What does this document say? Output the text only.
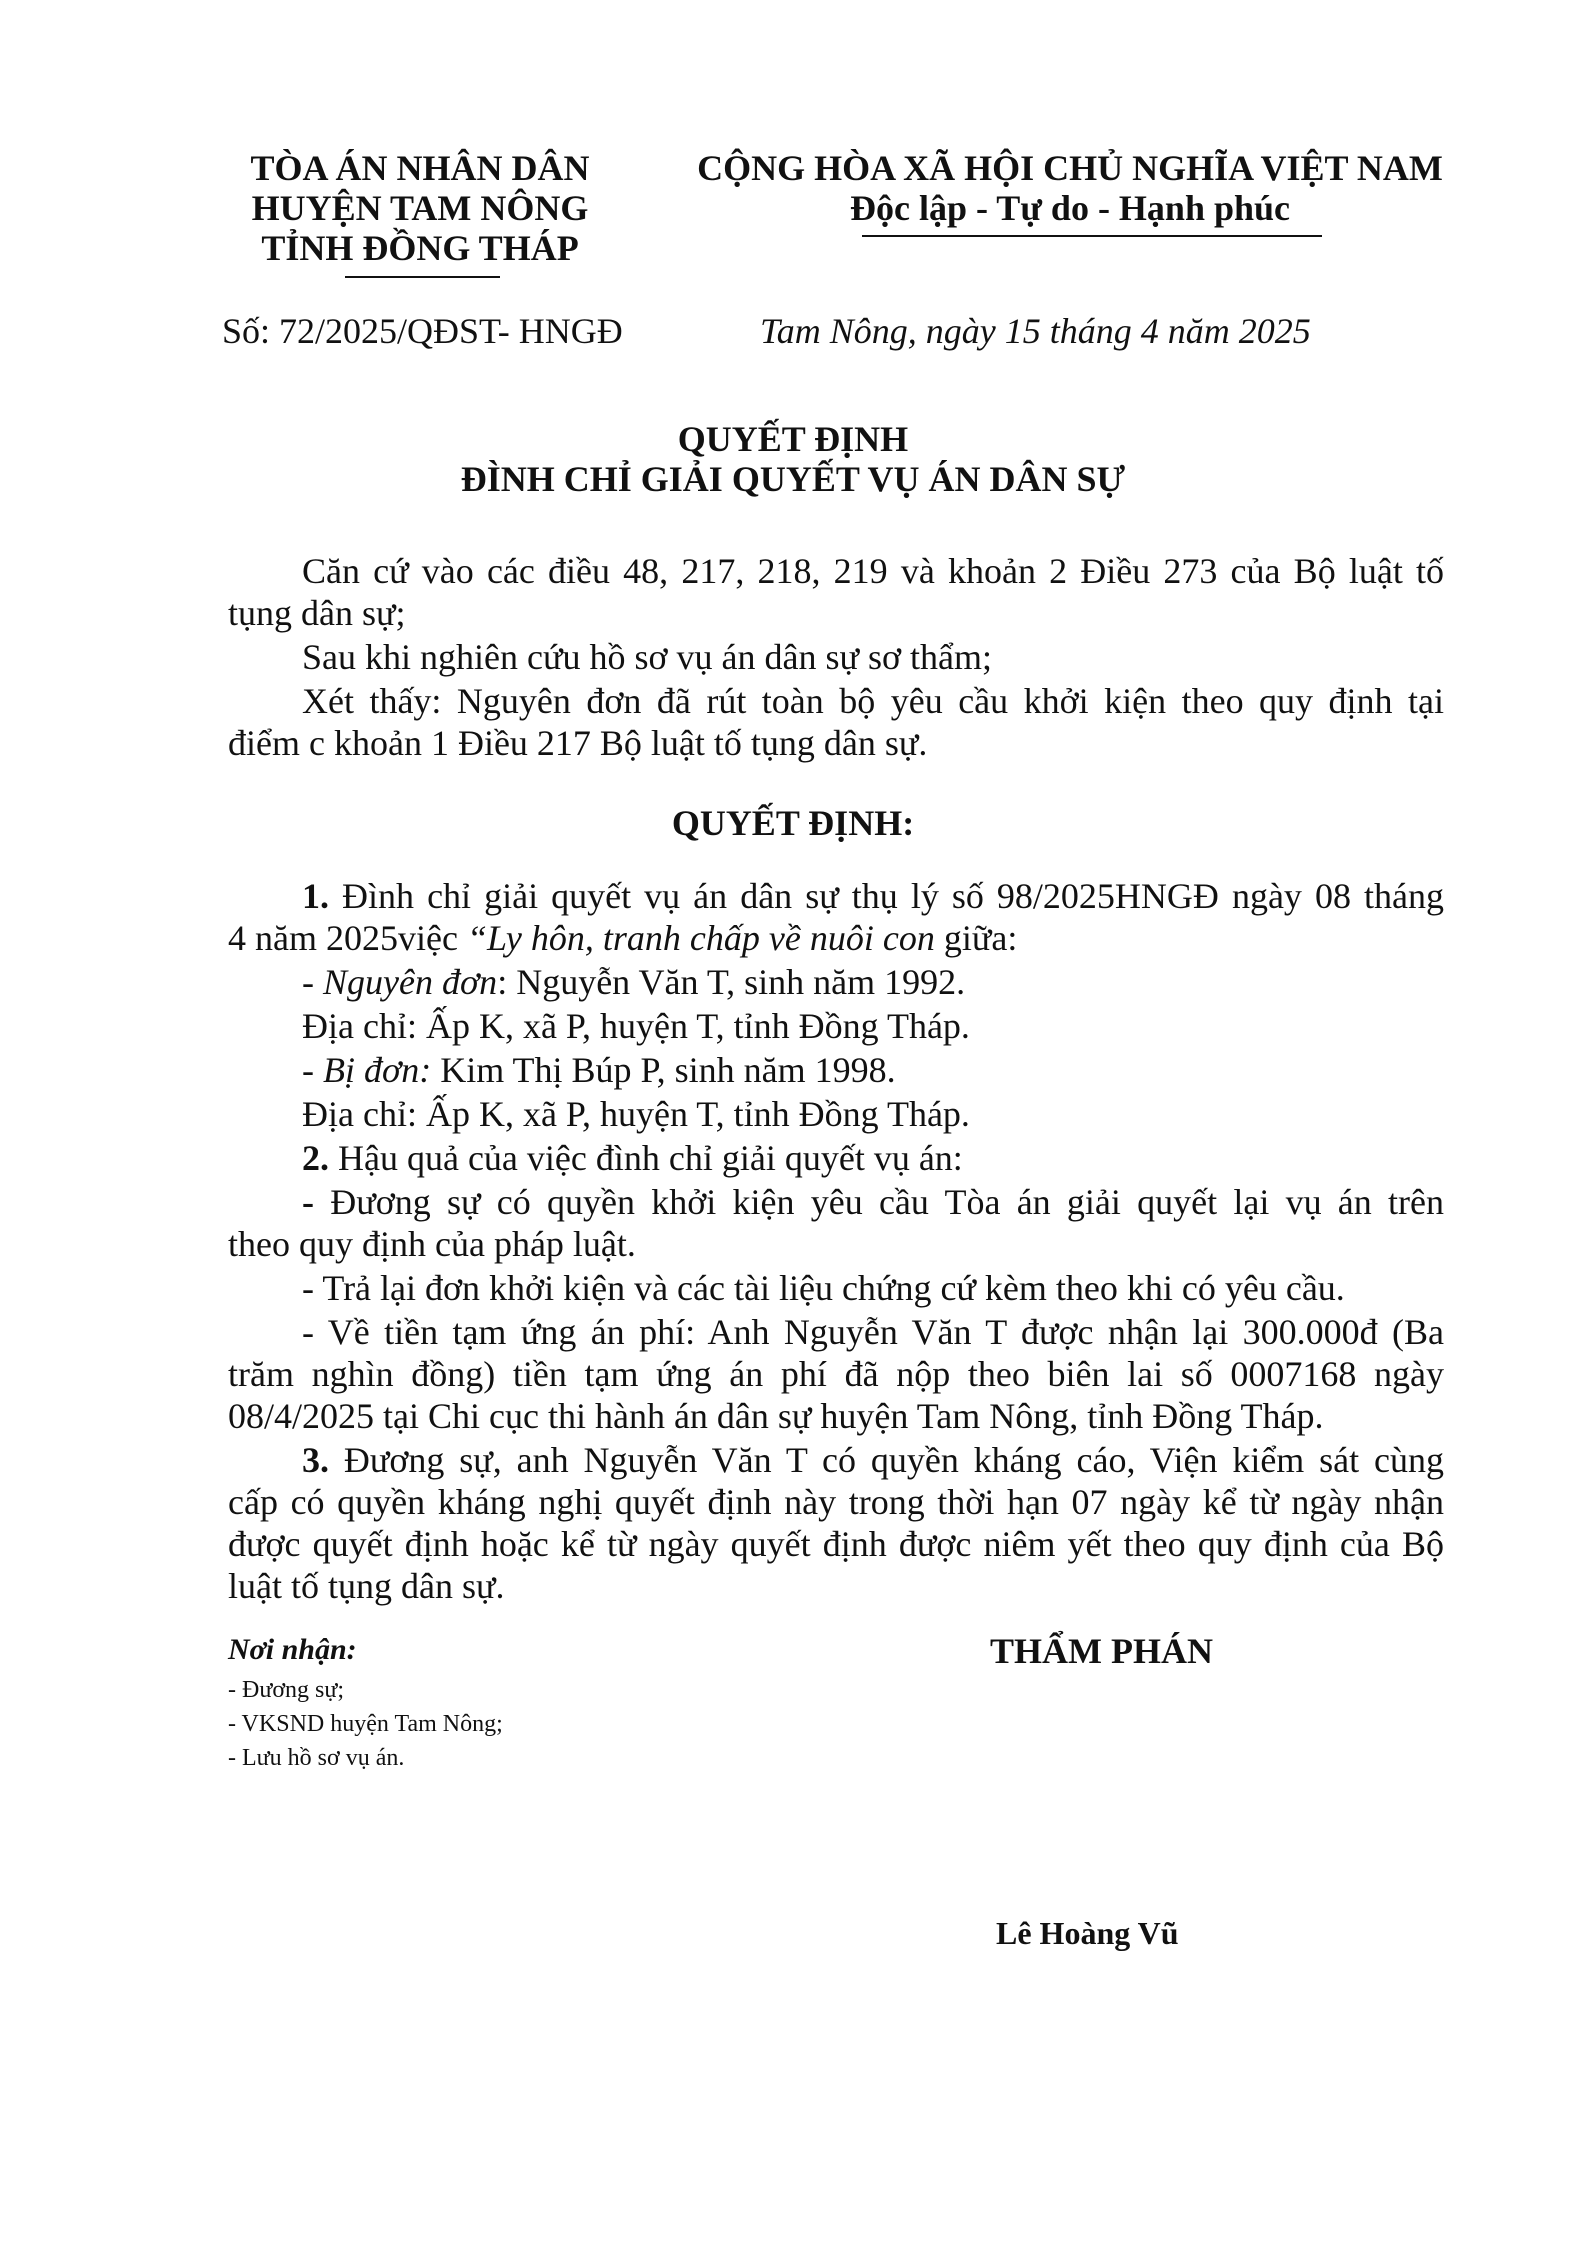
TÒA ÁN NHÂN DÂN
HUYỆN TAM NÔNG
TỈNH ĐỒNG THÁP
CỘNG HÒA XÃ HỘI CHỦ NGHĨA VIỆT NAM
Độc lập - Tự do - Hạnh phúc
Số: 72/2025/QĐST- HNGĐ	Tam Nông, ngày 15 tháng 4 năm 2025
QUYẾT ĐỊNH
ĐÌNH CHỈ GIẢI QUYẾT VỤ ÁN DÂN SỰ
Căn cứ vào các điều 48, 217, 218, 219 và khoản 2 Điều 273 của Bộ luật tố
tụng dân sự;
Sau khi nghiên cứu hồ sơ vụ án dân sự sơ thẩm;
Xét thấy: Nguyên đơn đã rút toàn bộ yêu cầu khởi kiện theo quy định tại
điểm c khoản 1 Điều 217 Bộ luật tố tụng dân sự.
QUYẾT ĐỊNH:
1. Đình chỉ giải quyết vụ án dân sự thụ lý số 98/2025HNGĐ ngày 08 tháng
4 năm 2025việc “Ly hôn, tranh chấp về nuôi con giữa:
- Nguyên đơn: Nguyễn Văn T, sinh năm 1992.
Địa chỉ: Ấp K, xã P, huyện T, tỉnh Đồng Tháp.
- Bị đơn: Kim Thị Búp P, sinh năm 1998.
Địa chỉ: Ấp K, xã P, huyện T, tỉnh Đồng Tháp.
2. Hậu quả của việc đình chỉ giải quyết vụ án:
- Đương sự có quyền khởi kiện yêu cầu Tòa án giải quyết lại vụ án trên
theo quy định của pháp luật.
- Trả lại đơn khởi kiện và các tài liệu chứng cứ kèm theo khi có yêu cầu.
- Về tiền tạm ứng án phí: Anh Nguyễn Văn T được nhận lại 300.000đ (Ba
trăm nghìn đồng) tiền tạm ứng án phí đã nộp theo biên lai số 0007168 ngày
08/4/2025 tại Chi cục thi hành án dân sự huyện Tam Nông, tỉnh Đồng Tháp.
3. Đương sự, anh Nguyễn Văn T có quyền kháng cáo, Viện kiểm sát cùng
cấp có quyền kháng nghị quyết định này trong thời hạn 07 ngày kể từ ngày nhận
được quyết định hoặc kể từ ngày quyết định được niêm yết theo quy định của Bộ
luật tố tụng dân sự.
Nơi nhận:
- Đương sự;
- VKSND huyện Tam Nông;
- Lưu hồ sơ vụ án.
THẨM PHÁN
Lê Hoàng Vũ
